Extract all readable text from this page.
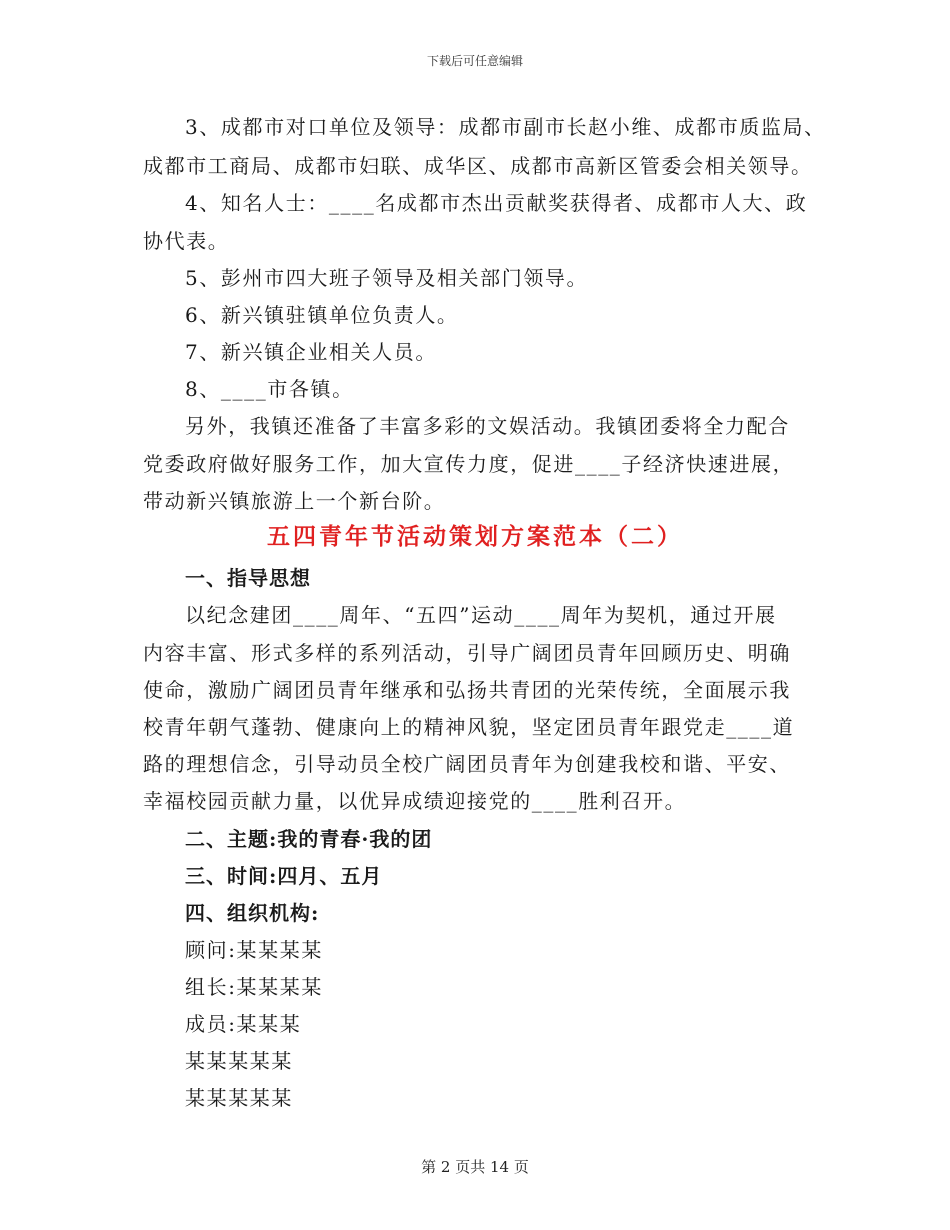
下载后可任意编辑
3、成都市对口单位及领导：成都市副市长赵小维、成都市质监局、
成都市工商局、成都市妇联、成华区、成都市高新区管委会相关领导。
4、知名人士：____名成都市杰出贡献奖获得者、成都市人大、政
协代表。
5、彭州市四大班子领导及相关部门领导。
6、新兴镇驻镇单位负责人。
7、新兴镇企业相关人员。
8、____市各镇。
另外，我镇还准备了丰富多彩的文娱活动。我镇团委将全力配合
党委政府做好服务工作，加大宣传力度，促进____子经济快速进展，
带动新兴镇旅游上一个新台阶。
五四青年节活动策划方案范本（二）
一、指导思想
以纪念建团____周年、“五四”运动____周年为契机，通过开展
内容丰富、形式多样的系列活动，引导广阔团员青年回顾历史、明确
使命，激励广阔团员青年继承和弘扬共青团的光荣传统，全面展示我
校青年朝气蓬勃、健康向上的精神风貌，坚定团员青年跟党走____道
路的理想信念，引导动员全校广阔团员青年为创建我校和谐、平安、
幸福校园贡献力量，以优异成绩迎接党的____胜利召开。
二、主题:我的青春·我的团
三、时间:四月、五月
四、组织机构:
顾问:某某某某
组长:某某某某
成员:某某某
某某某某某
某某某某某
第 2 页共 14 页
